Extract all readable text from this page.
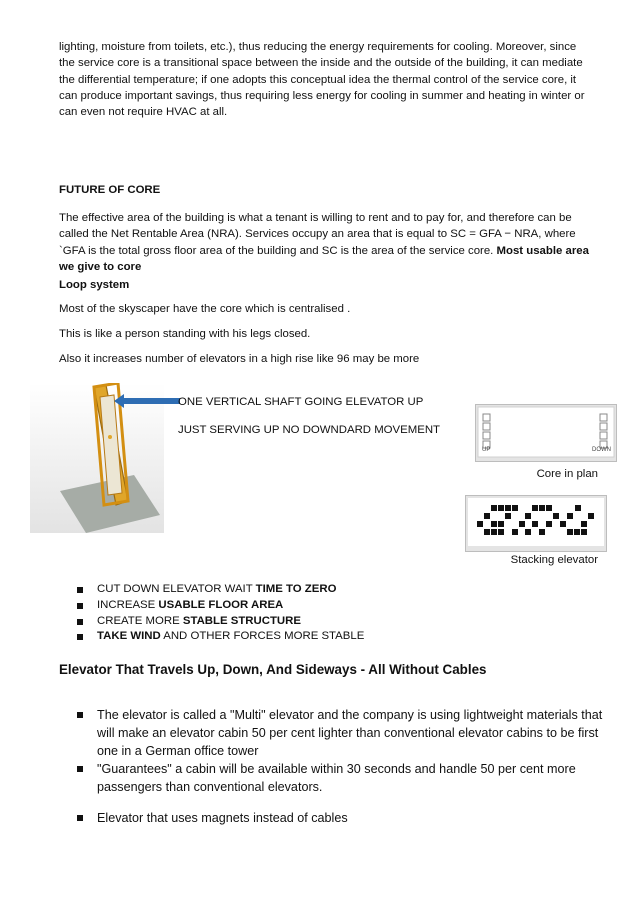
lighting, moisture from toilets, etc.), thus reducing the energy requirements for cooling. Moreover, since the service core is a transitional space between the inside and the outside of the building, it can mediate the differential temperature; if one adopts this conceptual idea the thermal control of the service core, it can produce important savings, thus requiring less energy for cooling in summer and heating in winter or can even not require HVAC at all.
FUTURE OF CORE
The effective area of the building is what a tenant is willing to rent and to pay for, and therefore can be called the Net Rentable Area (NRA). Services occupy an area that is equal to SC = GFA − NRA, where `GFA is the total gross floor area of the building and SC is the area of the service core. Most usable area we give to core
Loop system
Most of the skyscaper have the core which is centralised .
This is like a person standing with his legs closed.
Also it increases number of elevators in a high rise like 96 may be more
ONE VERTICAL SHAFT GOING ELEVATOR UP
JUST SERVING UP NO DOWNDARD MOVEMENT
UP	DOWN
Core in plan
Stacking elevator
CUT DOWN ELEVATOR WAIT TIME TO ZERO
INCREASE USABLE FLOOR AREA
CREATE MORE STABLE STRUCTURE
TAKE WIND AND OTHER FORCES MORE STABLE
Elevator That Travels Up, Down, And Sideways - All Without Cables
The elevator is called a "Multi" elevator and the company is using lightweight materials that will make an elevator cabin 50 per cent lighter than conventional elevator cabins to be first one in a German office tower
"Guarantees" a cabin will be available within 30 seconds and handle 50 per cent more passengers than conventional elevators.
Elevator that uses magnets instead of cables
